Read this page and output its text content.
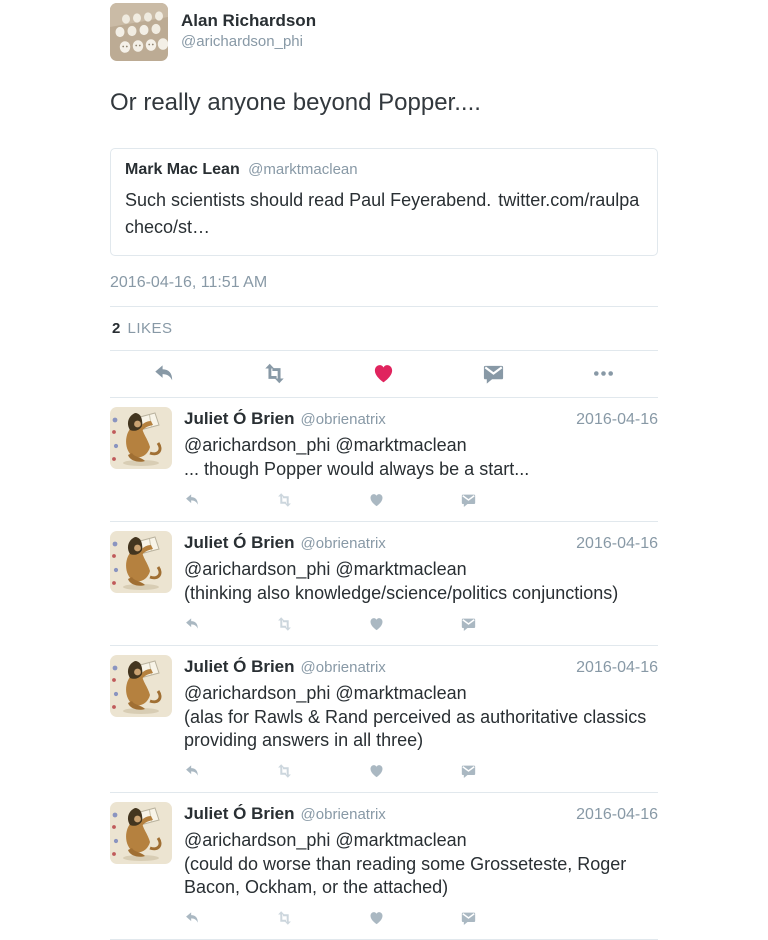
Alan Richardson
@arichardson_phi
Or really anyone beyond Popper....
Mark Mac Lean @marktmaclean
Such scientists should read Paul Feyerabend. twitter.com/raulpacheco/st…
2016-04-16, 11:51 AM
2 LIKES
Juliet Ó Brien @obrienatrix	2016-04-16
@arichardson_phi @marktmaclean
... though Popper would always be a start...
Juliet Ó Brien @obrienatrix	2016-04-16
@arichardson_phi @marktmaclean
(thinking also knowledge/science/politics conjunctions)
Juliet Ó Brien @obrienatrix	2016-04-16
@arichardson_phi @marktmaclean
(alas for Rawls & Rand perceived as authoritative classics providing answers in all three)
Juliet Ó Brien @obrienatrix	2016-04-16
@arichardson_phi @marktmaclean
(could do worse than reading some Grosseteste, Roger Bacon, Ockham, or the attached)
